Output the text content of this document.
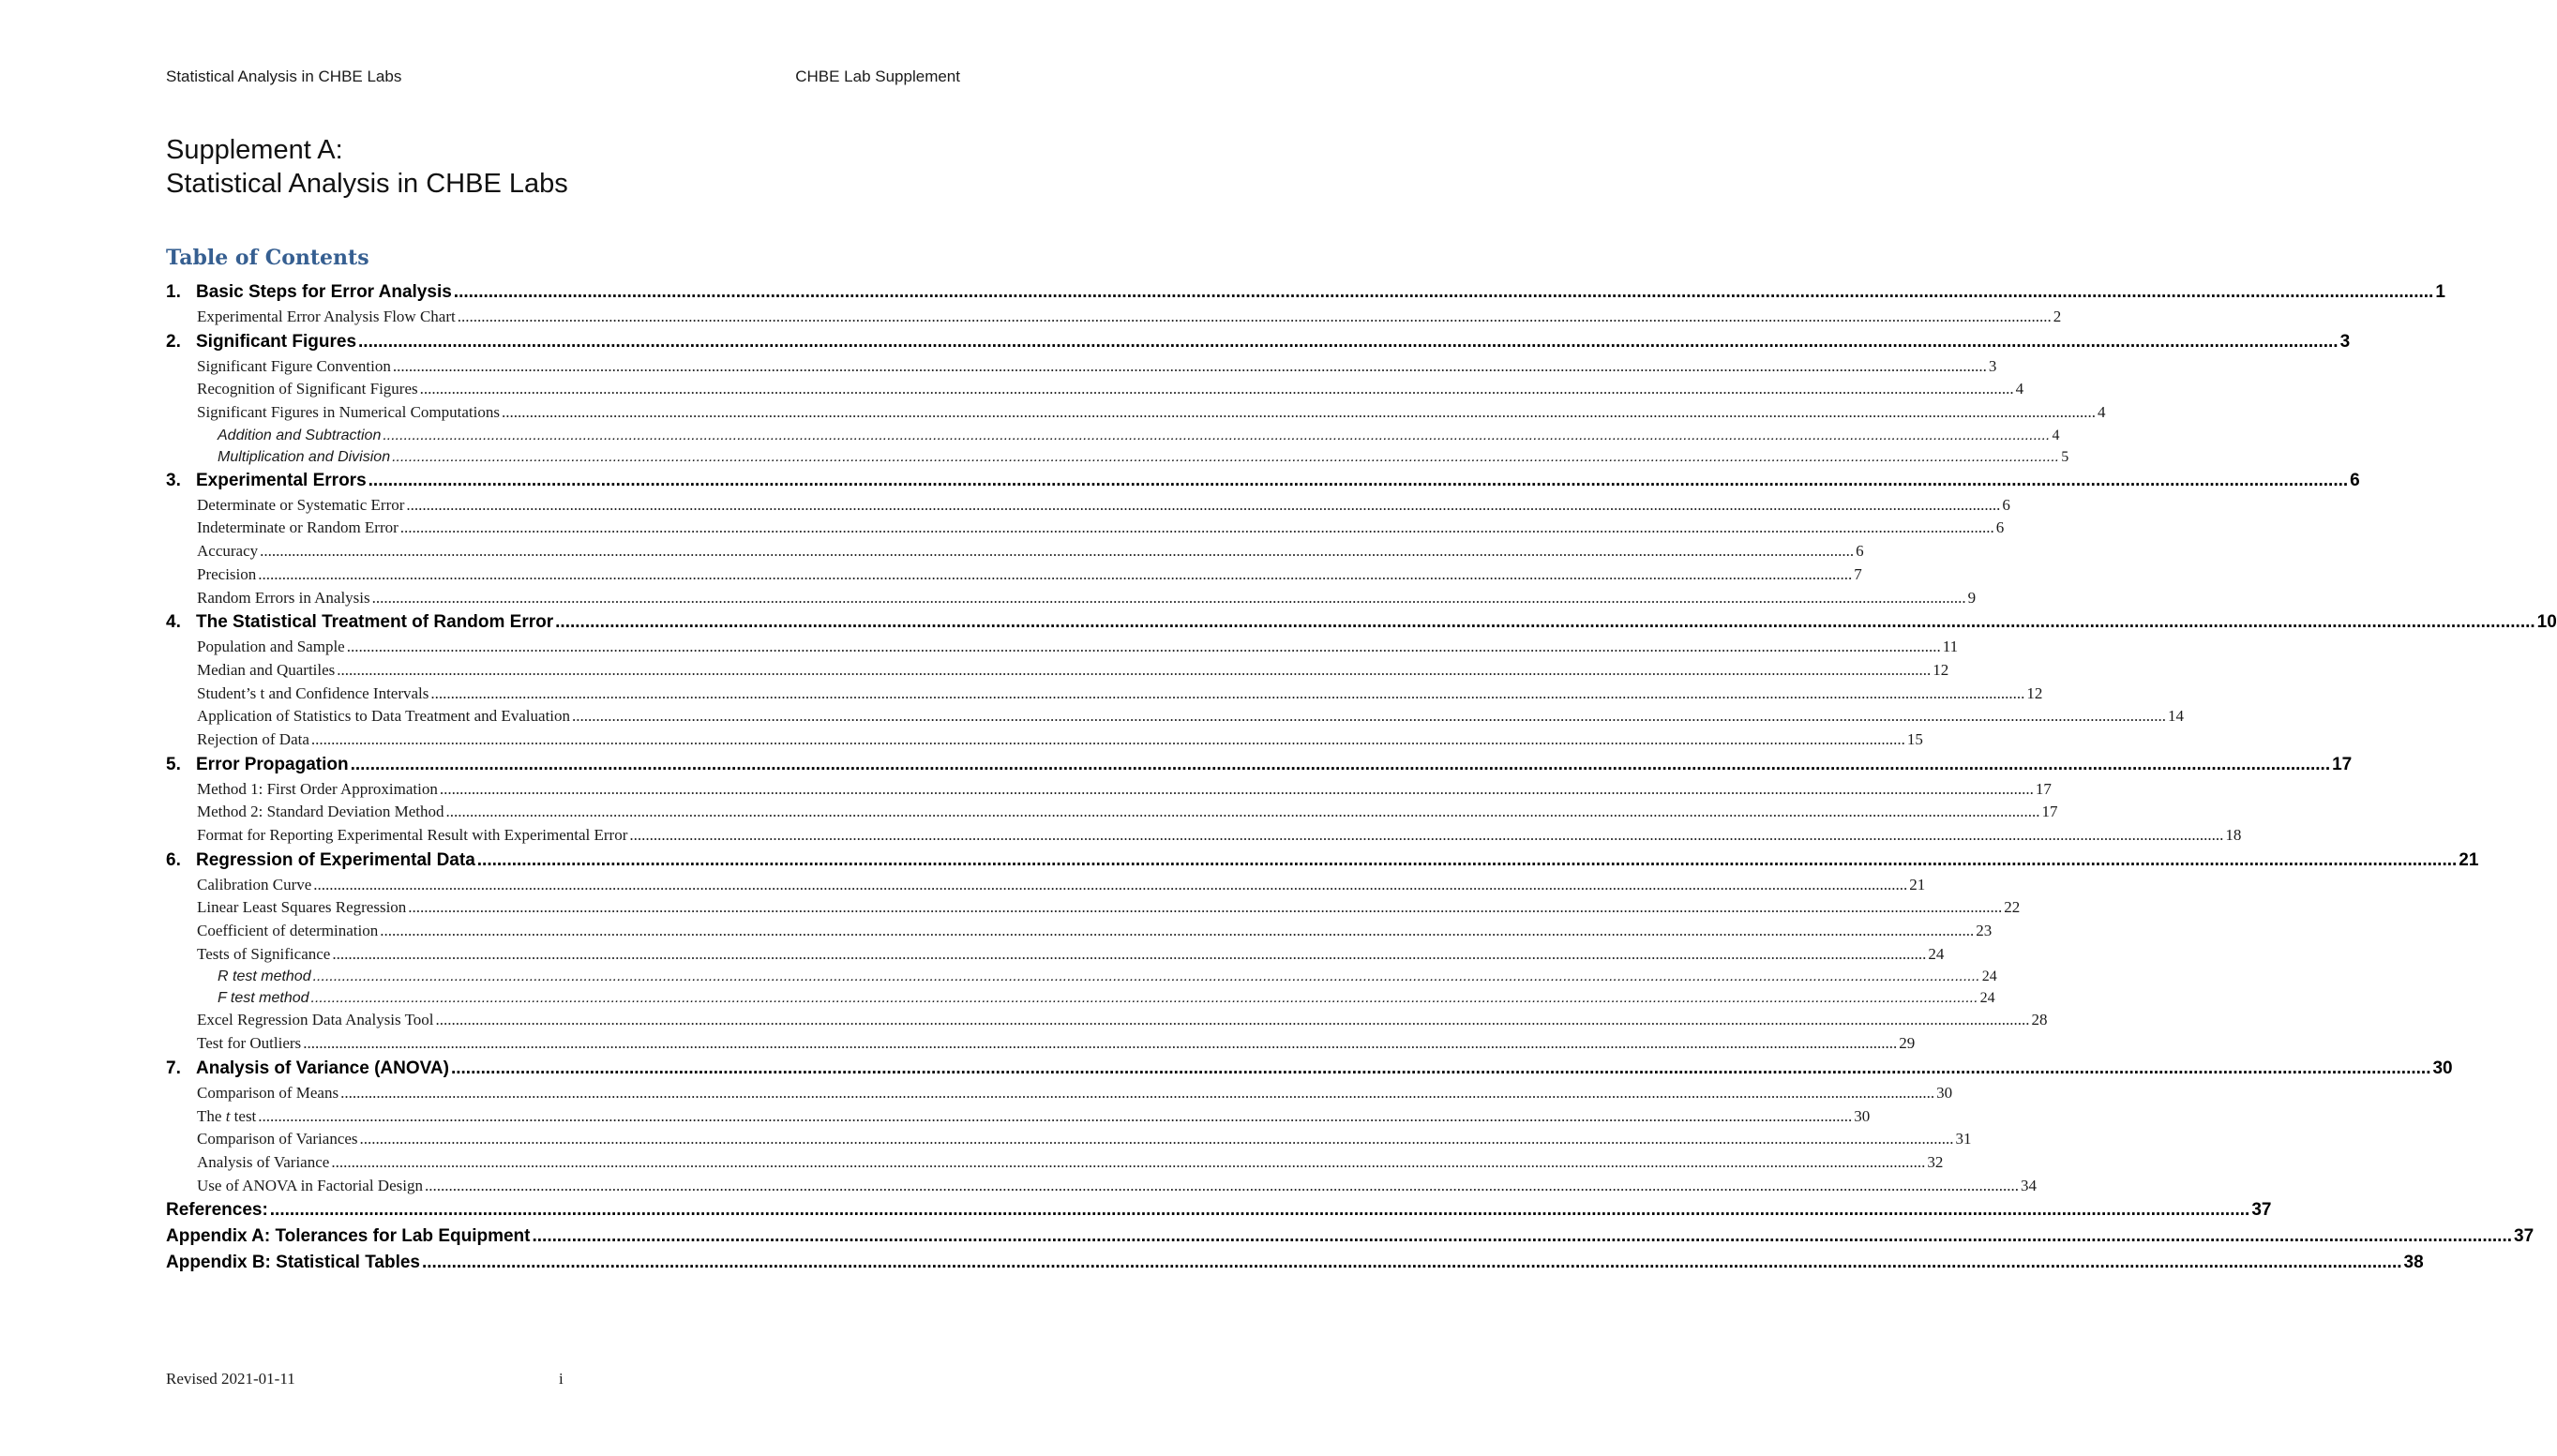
Statistical Analysis in CHBE Labs	CHBE Lab Supplement
Supplement A:
Statistical Analysis in CHBE Labs
Table of Contents
1. Basic Steps for Error Analysis ................................................................................................................................................................................................................................................................................................................................................................................................................ 1
Experimental Error Analysis Flow Chart ................................................................................................................................................................................................................................................................................................................................................................................................................ 2
2. Significant Figures ................................................................................................................................................................................................................................................................................................................................................................................................................ 3
Significant Figure Convention ................................................................................................................................................................................................................................................................................................................................................................................................................ 3
Recognition of Significant Figures ................................................................................................................................................................................................................................................................................................................................................................................................................ 4
Significant Figures in Numerical Computations ................................................................................................................................................................................................................................................................................................................................................................................................................ 4
Addition and Subtraction ................................................................................................................................................................................................................................................................................................................................................................................................................ 4
Multiplication and Division ................................................................................................................................................................................................................................................................................................................................................................................................................ 5
3. Experimental Errors ................................................................................................................................................................................................................................................................................................................................................................................................................ 6
Determinate or Systematic Error ................................................................................................................................................................................................................................................................................................................................................................................................................ 6
Indeterminate or Random Error ................................................................................................................................................................................................................................................................................................................................................................................................................ 6
Accuracy ................................................................................................................................................................................................................................................................................................................................................................................................................ 6
Precision ................................................................................................................................................................................................................................................................................................................................................................................................................ 7
Random Errors in Analysis ................................................................................................................................................................................................................................................................................................................................................................................................................ 9
4. The Statistical Treatment of Random Error ................................................................................................................................................................................................................................................................................................................................................................................................................ 10
Population and Sample ................................................................................................................................................................................................................................................................................................................................................................................................................ 11
Median and Quartiles ................................................................................................................................................................................................................................................................................................................................................................................................................ 12
Student’s t and Confidence Intervals ................................................................................................................................................................................................................................................................................................................................................................................................................ 12
Application of Statistics to Data Treatment and Evaluation ................................................................................................................................................................................................................................................................................................................................................................................................................ 14
Rejection of Data ................................................................................................................................................................................................................................................................................................................................................................................................................ 15
5. Error Propagation ................................................................................................................................................................................................................................................................................................................................................................................................................ 17
Method 1: First Order Approximation ................................................................................................................................................................................................................................................................................................................................................................................................................ 17
Method 2: Standard Deviation Method ................................................................................................................................................................................................................................................................................................................................................................................................................ 17
Format for Reporting Experimental Result with Experimental Error ................................................................................................................................................................................................................................................................................................................................................................................................................ 18
6. Regression of Experimental Data ................................................................................................................................................................................................................................................................................................................................................................................................................ 21
Calibration Curve ................................................................................................................................................................................................................................................................................................................................................................................................................ 21
Linear Least Squares Regression ................................................................................................................................................................................................................................................................................................................................................................................................................ 22
Coefficient of determination ................................................................................................................................................................................................................................................................................................................................................................................................................ 23
Tests of Significance ................................................................................................................................................................................................................................................................................................................................................................................................................ 24
R test method ................................................................................................................................................................................................................................................................................................................................................................................................................ 24
F test method ................................................................................................................................................................................................................................................................................................................................................................................................................ 24
Excel Regression Data Analysis Tool ................................................................................................................................................................................................................................................................................................................................................................................................................ 28
Test for Outliers ................................................................................................................................................................................................................................................................................................................................................................................................................ 29
7. Analysis of Variance (ANOVA) ................................................................................................................................................................................................................................................................................................................................................................................................................ 30
Comparison of Means ................................................................................................................................................................................................................................................................................................................................................................................................................ 30
The t test ................................................................................................................................................................................................................................................................................................................................................................................................................ 30
Comparison of Variances ................................................................................................................................................................................................................................................................................................................................................................................................................ 31
Analysis of Variance ................................................................................................................................................................................................................................................................................................................................................................................................................ 32
Use of ANOVA in Factorial Design ................................................................................................................................................................................................................................................................................................................................................................................................................ 34
References: ................................................................................................................................................................................................................................................................................................................................................................................................................ 37
Appendix A: Tolerances for Lab Equipment ................................................................................................................................................................................................................................................................................................................................................................................................................ 37
Appendix B: Statistical Tables ................................................................................................................................................................................................................................................................................................................................................................................................................ 38
Revised 2021-01-11	i
